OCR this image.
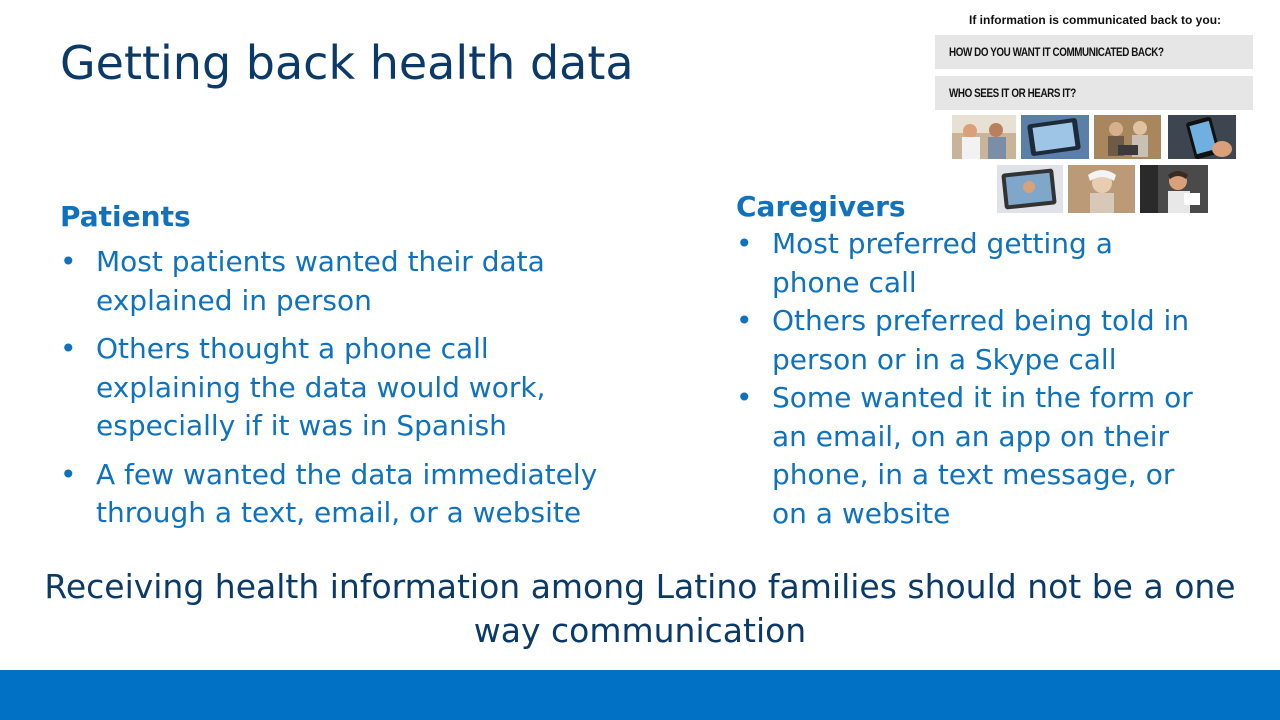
Getting back health data
If information is communicated back to you:
HOW DO YOU WANT IT COMMUNICATED BACK?
WHO SEES IT OR HEARS IT?
Patients
• Most patients wanted their data explained in person
• Others thought a phone call explaining the data would work, especially if it was in Spanish
• A few wanted the data immediately through a text, email, or a website
Caregivers
• Most preferred getting a phone call
• Others preferred being told in person or in a Skype call
• Some wanted it in the form or an email, on an app on their phone, in a text message, or on a website
Receiving health information among Latino families should not be a one way communication
